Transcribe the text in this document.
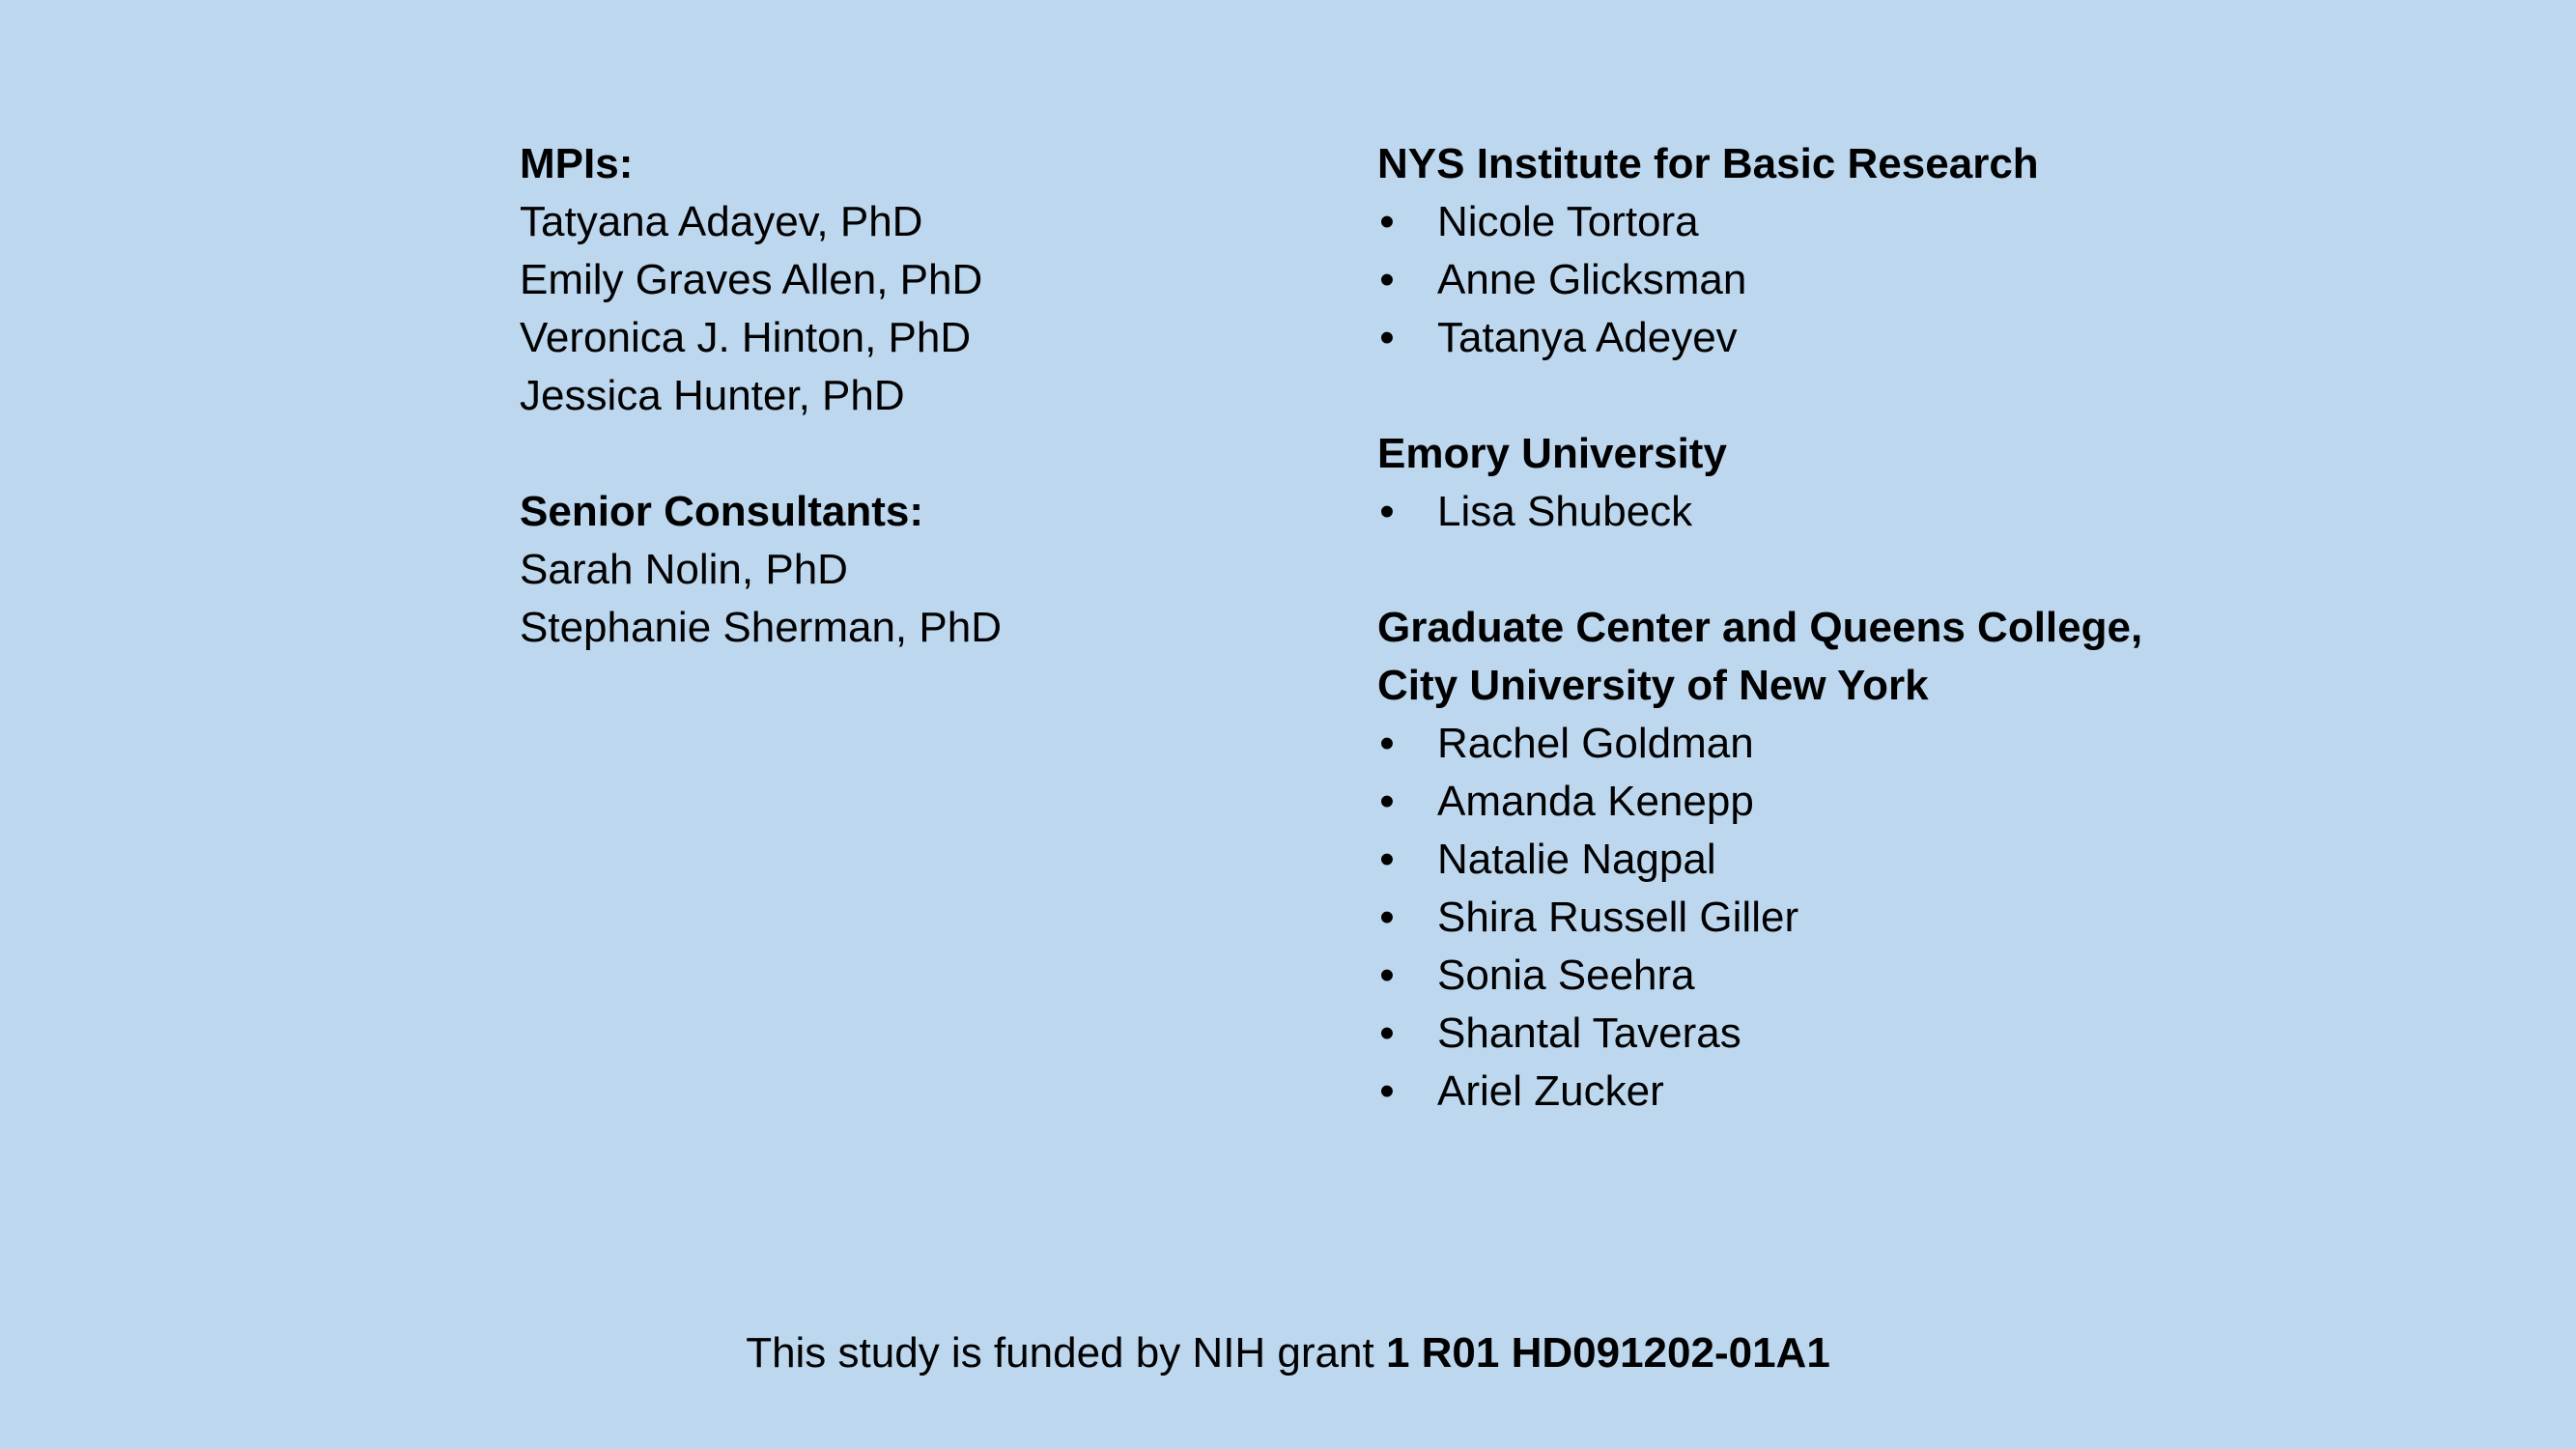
MPIs:
Tatyana Adayev, PhD
Emily Graves Allen, PhD
Veronica J. Hinton, PhD
Jessica Hunter, PhD
Senior Consultants:
Sarah Nolin, PhD
Stephanie Sherman, PhD
NYS Institute for Basic Research
• Nicole Tortora
• Anne Glicksman
• Tatanya Adeyev
Emory University
• Lisa Shubeck
Graduate Center and Queens College,
City University of New York
• Rachel Goldman
• Amanda Kenepp
• Natalie Nagpal
• Shira Russell Giller
• Sonia Seehra
• Shantal Taveras
• Ariel Zucker
This study is funded by NIH grant 1 R01 HD091202-01A1
